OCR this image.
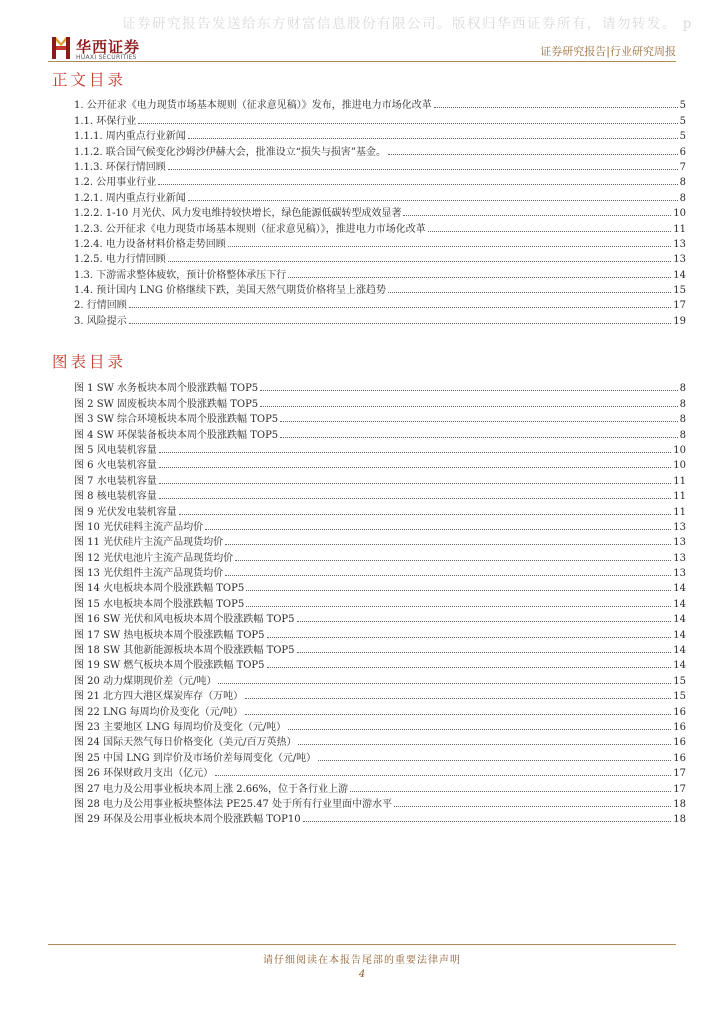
证券研究报告发送给东方财富信息股份有限公司。版权归华西证券所有，请勿转发。 p
华西证券
HUAXI SECURITIES	证券研究报告|行业研究周报
正文目录
1. 公开征求《电力现货市场基本规则（征求意见稿）》发布，推进电力市场化改革	5
1.1. 环保行业	5
1.1.1. 周内重点行业新闻	5
1.1.2. 联合国气候变化沙姆沙伊赫大会，批准设立“损失与损害”基金。	6
1.1.3. 环保行情回顾	7
1.2. 公用事业行业	8
1.2.1. 周内重点行业新闻	8
1.2.2. 1-10 月光伏、风力发电维持较快增长，绿色能源低碳转型成效显著	10
1.2.3. 公开征求《电力现货市场基本规则（征求意见稿）》，推进电力市场化改革	11
1.2.4. 电力设备材料价格走势回顾	13
1.2.5. 电力行情回顾	13
1.3. 下游需求整体疲软，预计价格整体承压下行	14
1.4. 预计国内 LNG 价格继续下跌，美国天然气期货价格将呈上涨趋势	15
2. 行情回顾	17
3. 风险提示	19
图表目录
图 1 SW 水务板块本周个股涨跌幅 TOP5	8
图 2 SW 固废板块本周个股涨跌幅 TOP5	8
图 3 SW 综合环境板块本周个股涨跌幅 TOP5	8
图 4 SW 环保装备板块本周个股涨跌幅 TOP5	8
图 5 风电装机容量	10
图 6 火电装机容量	10
图 7 水电装机容量	11
图 8 核电装机容量	11
图 9 光伏发电装机容量	11
图 10 光伏硅料主流产品均价	13
图 11 光伏硅片主流产品现货均价	13
图 12 光伏电池片主流产品现货均价	13
图 13 光伏组件主流产品现货均价	13
图 14 火电板块本周个股涨跌幅 TOP5	14
图 15 水电板块本周个股涨跌幅 TOP5	14
图 16 SW 光伏和风电板块本周个股涨跌幅 TOP5	14
图 17 SW 热电板块本周个股涨跌幅 TOP5	14
图 18 SW 其他新能源板块本周个股涨跌幅 TOP5	14
图 19 SW 燃气板块本周个股涨跌幅 TOP5	14
图 20 动力煤期现价差（元/吨）	15
图 21 北方四大港区煤炭库存（万吨）	15
图 22 LNG 每周均价及变化（元/吨）	16
图 23 主要地区 LNG 每周均价及变化（元/吨）	16
图 24 国际天然气每日价格变化（美元/百万英热）	16
图 25 中国 LNG 到岸价及市场价差每周变化（元/吨）	16
图 26 环保财政月支出（亿元）	17
图 27 电力及公用事业板块本周上涨 2.66%，位于各行业上游	17
图 28 电力及公用事业板块整体法 PE25.47 处于所有行业里面中游水平	18
图 29 环保及公用事业板块本周个股涨跌幅 TOP10	18
请仔细阅读在本报告尾部的重要法律声明
4
